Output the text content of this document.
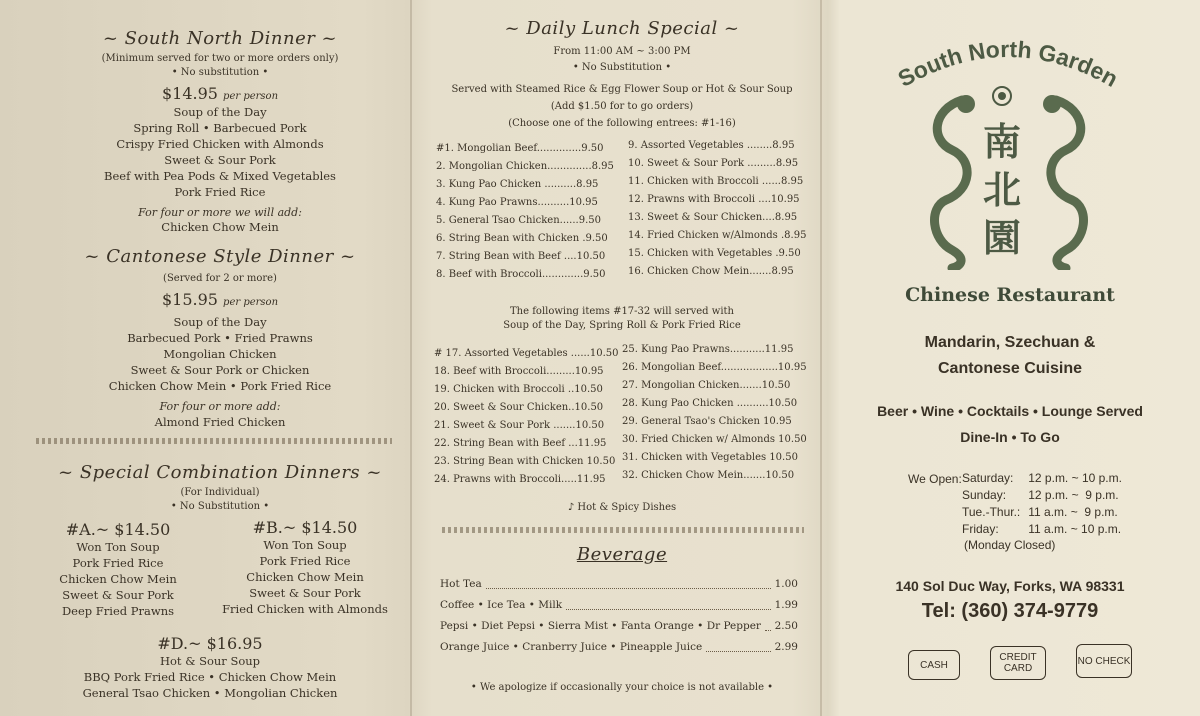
~ South North Dinner ~
(Minimum served for two or more orders only)
• No substitution •
$14.95 per person
Soup of the Day
Spring Roll • Barbecued Pork
Crispy Fried Chicken with Almonds
Sweet & Sour Pork
Beef with Pea Pods & Mixed Vegetables
Pork Fried Rice
For four or more we will add:
Chicken Chow Mein
~ Cantonese Style Dinner ~
(Served for 2 or more)
$15.95 per person
Soup of the Day
Barbecued Pork • Fried Prawns
Mongolian Chicken
Sweet & Sour Pork or Chicken
Chicken Chow Mein • Pork Fried Rice
For four or more add:
Almond Fried Chicken
~ Special Combination Dinners ~
(For Individual)
• No Substitution •
#A.~ $14.50
Won Ton Soup
Pork Fried Rice
Chicken Chow Mein
Sweet & Sour Pork
Deep Fried Prawns
#B.~ $14.50
Won Ton Soup
Pork Fried Rice
Chicken Chow Mein
Sweet & Sour Pork
Fried Chicken with Almonds
#D.~ $16.95
Hot & Sour Soup
BBQ Pork Fried Rice • Chicken Chow Mein
General Tsao Chicken • Mongolian Chicken
~ Daily Lunch Special ~
From 11:00 AM ~ 3:00 PM
• No Substitution •
Served with Steamed Rice & Egg Flower Soup or Hot & Sour Soup
(Add $1.50 for to go orders)
(Choose one of the following entrees: #1-16)
#1. Mongolian Beef..............9.50
2. Mongolian Chicken..............8.95
3. Kung Pao Chicken ..........8.95
4. Kung Pao Prawns..........10.95
5. General Tsao Chicken......9.50
6. String Bean with Chicken .9.50
7. String Bean with Beef ....10.50
8. Beef with Broccoli.............9.50
9. Assorted Vegetables ........8.95
10. Sweet & Sour Pork .........8.95
11. Chicken with Broccoli ......8.95
12. Prawns with Broccoli ....10.95
13. Sweet & Sour Chicken....8.95
14. Fried Chicken w/Almonds .8.95
15. Chicken with Vegetables .9.50
16. Chicken Chow Mein.......8.95
The following items #17-32 will served with
Soup of the Day, Spring Roll & Pork Fried Rice
# 17. Assorted Vegetables ......10.50
18. Beef with Broccoli.........10.95
19. Chicken with Broccoli ..10.50
20. Sweet & Sour Chicken..10.50
21. Sweet & Sour Pork .......10.50
22. String Bean with Beef ...11.95
23. String Bean with Chicken 10.50
24. Prawns with Broccoli.....11.95
25. Kung Pao Prawns...........11.95
26. Mongolian Beef..................10.95
27. Mongolian Chicken.......10.50
28. Kung Pao Chicken ..........10.50
29. General Tsao's Chicken 10.95
30. Fried Chicken w/ Almonds 10.50
31. Chicken with Vegetables 10.50
32. Chicken Chow Mein.......10.50
♪ Hot & Spicy Dishes
Beverage
Hot Tea	1.00
Coffee • Ice Tea • Milk	1.99
Pepsi • Diet Pepsi • Sierra Mist • Fanta Orange • Dr Pepper 2.50
Orange Juice • Cranberry Juice • Pineapple Juice	2.99
• We apologize if occasionally your choice is not available •
South North Garden
南
北
園
Chinese Restaurant
Mandarin, Szechuan &
Cantonese Cuisine
Beer • Wine • Cocktails • Lounge Served
Dine-In • To Go
We Open: Saturday:	12 p.m. ~ 10 p.m.
Sunday:	12 p.m. ~  9 p.m.
Tue.-Thur.:	11 a.m. ~  9 p.m.
Friday:	11 a.m. ~ 10 p.m.
(Monday Closed)
140 Sol Duc Way, Forks, WA 98331
Tel: (360) 374-9779
CASH
CREDIT CARD
NO CHECK
